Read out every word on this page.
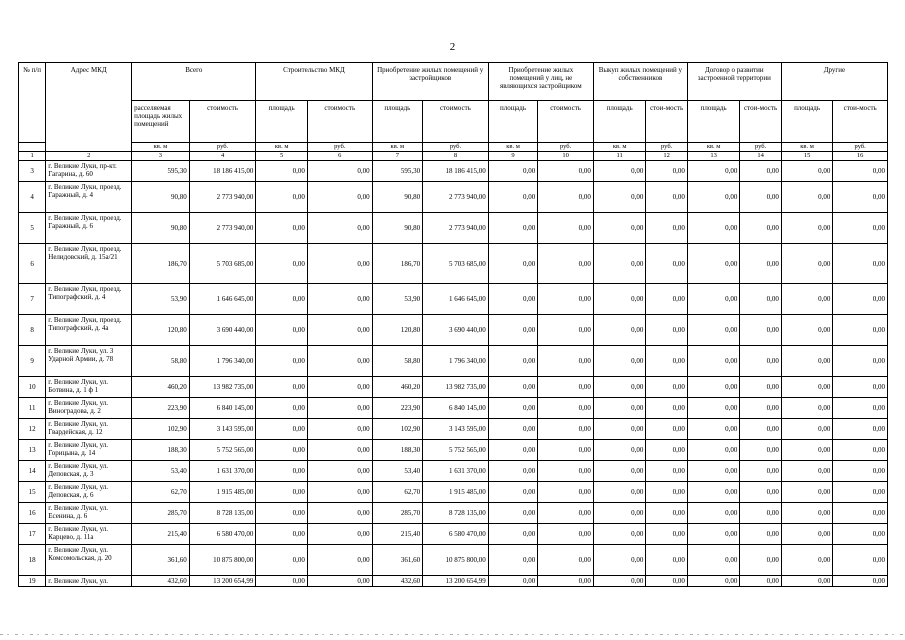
2
№ п/п	Адрес МКД	Всего		Строительство МКД		Приобретение жилых помещений у застройщиков		Приобретение жилых помещений у лиц, не являющихся застройщиком		Выкуп жилых помещений у собственников		Договор о развитии застроенной территории		Другие	
		расселяемая площадь жилых помещений	стоимость	площадь	стоимость	площадь	стоимость	площадь	стоимость	площадь	стои-мость	площадь	стои-мость	площадь	стои-мость
		кв. м	руб.	кв. м	руб.	кв. м	руб.	кв. м	руб.	кв. м	руб.	кв. м	руб.	кв. м	руб.
1	2	3	4	5	6	7	8	9	10	11	12	13	14	15	16
3	г. Великие Луки, пр-кт. Гагарина, д. 60	595,30	18 186 415,00	0,00	0,00	595,30	18 186 415,00	0,00	0,00	0,00	0,00	0,00	0,00	0,00	0,00
4	г. Великие Луки, проезд. Гаражный, д. 4	90,80	2 773 940,00	0,00	0,00	90,80	2 773 940,00	0,00	0,00	0,00	0,00	0,00	0,00	0,00	0,00
5	г. Великие Луки, проезд. Гаражный, д. 6	90,80	2 773 940,00	0,00	0,00	90,80	2 773 940,00	0,00	0,00	0,00	0,00	0,00	0,00	0,00	0,00
6	г. Великие Луки, проезд. Нелидовский, д. 15а/21	186,70	5 703 685,00	0,00	0,00	186,70	5 703 685,00	0,00	0,00	0,00	0,00	0,00	0,00	0,00	0,00
7	г. Великие Луки, проезд. Типографский, д. 4	53,90	1 646 645,00	0,00	0,00	53,90	1 646 645,00	0,00	0,00	0,00	0,00	0,00	0,00	0,00	0,00
8	г. Великие Луки, проезд. Типографский, д. 4а	120,80	3 690 440,00	0,00	0,00	120,80	3 690 440,00	0,00	0,00	0,00	0,00	0,00	0,00	0,00	0,00
9	г. Великие Луки, ул. 3 Ударной Армии, д. 78	58,80	1 796 340,00	0,00	0,00	58,80	1 796 340,00	0,00	0,00	0,00	0,00	0,00	0,00	0,00	0,00
10	г. Великие Луки, ул. Ботвина, д. 1 ф 1	460,20	13 982 735,00	0,00	0,00	460,20	13 982 735,00	0,00	0,00	0,00	0,00	0,00	0,00	0,00	0,00
11	г. Великие Луки, ул. Виноградова, д. 2	223,90	6 840 145,00	0,00	0,00	223,90	6 840 145,00	0,00	0,00	0,00	0,00	0,00	0,00	0,00	0,00
12	г. Великие Луки, ул. Гвардейская, д. 12	102,90	3 143 595,00	0,00	0,00	102,90	3 143 595,00	0,00	0,00	0,00	0,00	0,00	0,00	0,00	0,00
13	г. Великие Луки, ул. Горицына, д. 14	188,30	5 752 565,00	0,00	0,00	188,30	5 752 565,00	0,00	0,00	0,00	0,00	0,00	0,00	0,00	0,00
14	г. Великие Луки, ул. Деповская, д. 3	53,40	1 631 370,00	0,00	0,00	53,40	1 631 370,00	0,00	0,00	0,00	0,00	0,00	0,00	0,00	0,00
15	г. Великие Луки, ул. Деповская, д. 6	62,70	1 915 485,00	0,00	0,00	62,70	1 915 485,00	0,00	0,00	0,00	0,00	0,00	0,00	0,00	0,00
16	г. Великие Луки, ул. Есенина, д. 6	285,70	8 728 135,00	0,00	0,00	285,70	8 728 135,00	0,00	0,00	0,00	0,00	0,00	0,00	0,00	0,00
17	г. Великие Луки, ул. Карцево, д. 11а	215,40	6 580 470,00	0,00	0,00	215,40	6 580 470,00	0,00	0,00	0,00	0,00	0,00	0,00	0,00	0,00
18	г. Великие Луки, ул. Комсомольская, д. 20	361,60	10 875 800,00	0,00	0,00	361,60	10 875 800,00	0,00	0,00	0,00	0,00	0,00	0,00	0,00	0,00
19	г. Великие Луки, ул.	432,60	13 200 654,99	0,00	0,00	432,60	13 200 654,99	0,00	0,00	0,00	0,00	0,00	0,00	0,00	0,00
